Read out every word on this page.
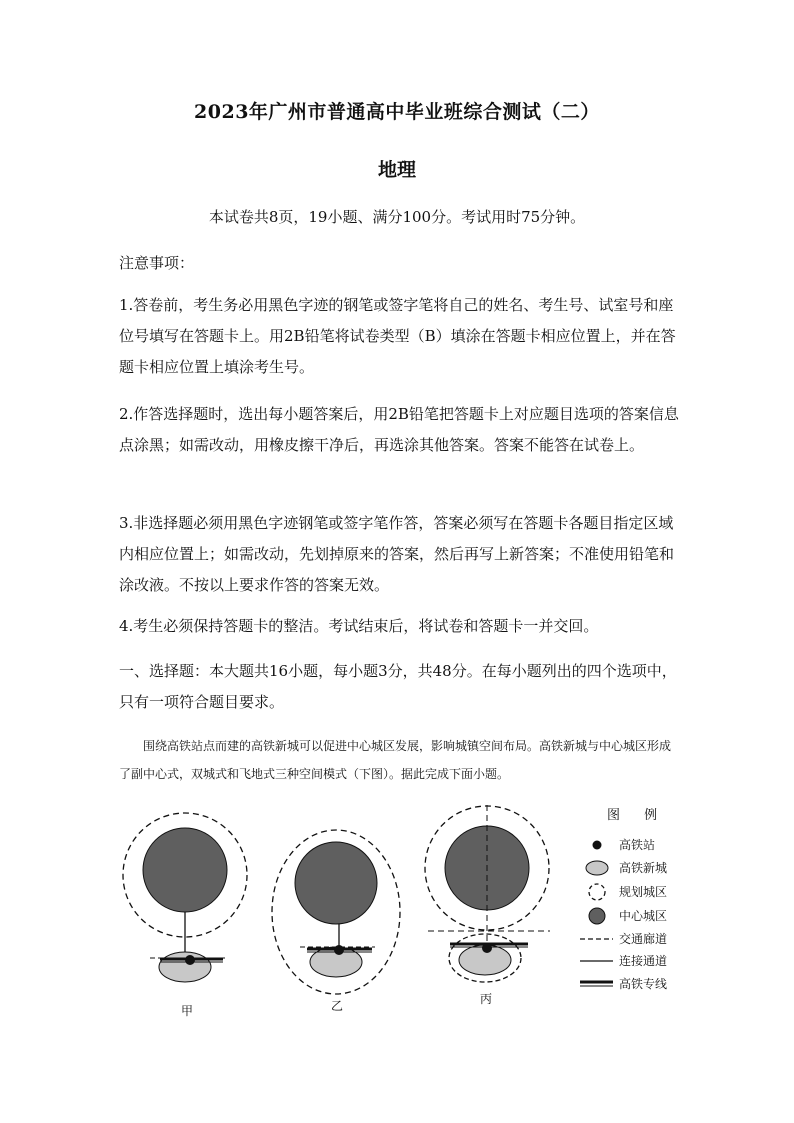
2023年广州市普通高中毕业班综合测试（二）
地理
本试卷共8页，19小题、满分100分。考试用时75分钟。
注意事项：
1.答卷前，考生务必用黑色字迹的钢笔或签字笔将自己的姓名、考生号、试室号和座位号填写在答题卡上。用2B铅笔将试卷类型（B）填涂在答题卡相应位置上，并在答题卡相应位置上填涂考生号。
2.作答选择题时，选出每小题答案后，用2B铅笔把答题卡上对应题目选项的答案信息点涂黑；如需改动，用橡皮擦干净后，再选涂其他答案。答案不能答在试卷上。
3.非选择题必须用黑色字迹钢笔或签字笔作答，答案必须写在答题卡各题目指定区域内相应位置上；如需改动，先划掉原来的答案，然后再写上新答案；不准使用铅笔和涂改液。不按以上要求作答的答案无效。
4.考生必须保持答题卡的整洁。考试结束后，将试卷和答题卡一并交回。
一、选择题：本大题共16小题，每小题3分，共48分。在每小题列出的四个选项中，只有一项符合题目要求。
围绕高铁站点而建的高铁新城可以促进中心城区发展，影响城镇空间布局。高铁新城与中心城区形成了副中心式，双城式和飞地式三种空间模式（下图）。据此完成下面小题。
甲	乙	丙
图 例
高铁站
高铁新城
规划城区
中心城区
交通廊道
连接通道
高铁专线
